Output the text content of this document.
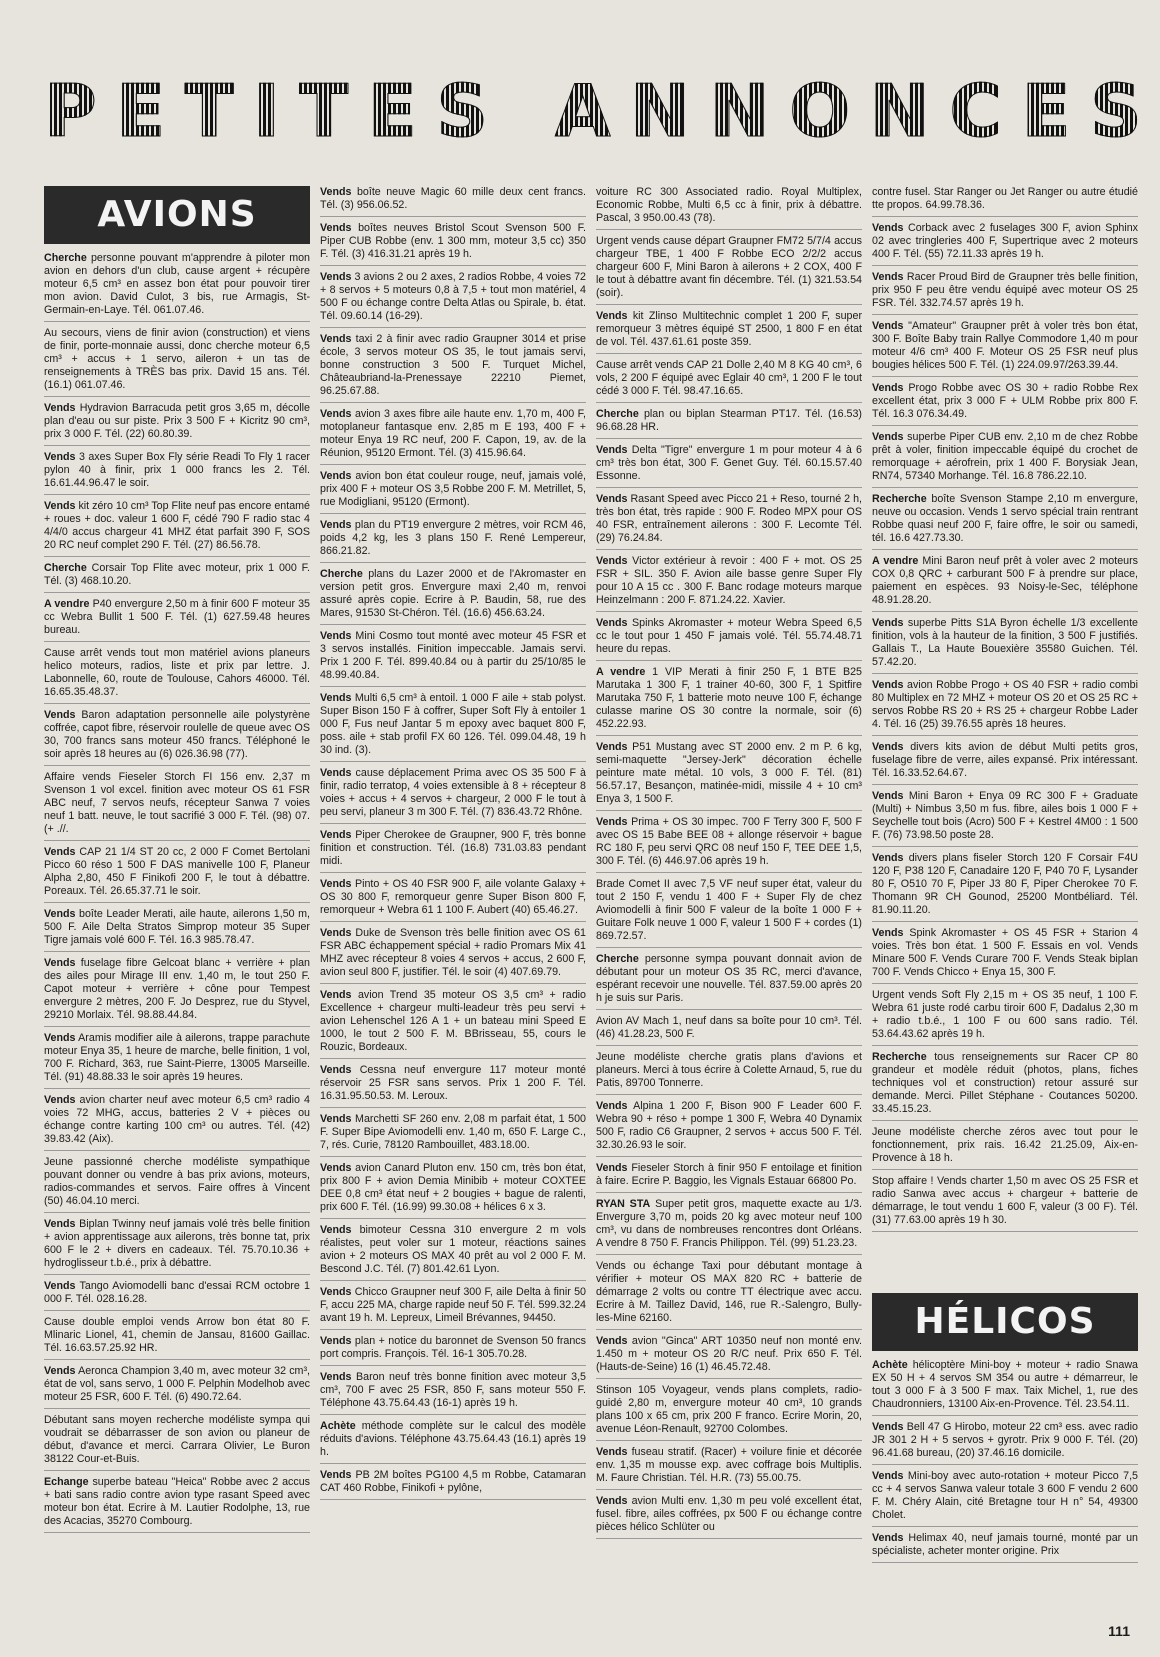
P E T I T E S A N N O N C E S
AVIONS
Cherche personne pouvant m'apprendre à piloter mon avion en dehors d'un club, cause argent + récupère moteur 6,5 cm³ en assez bon état pour pouvoir tirer mon avion. David Culot, 3 bis, rue Armagis, St-Germain-en-Laye. Tél. 061.07.46.
Au secours, viens de finir avion (construction) et viens de finir, porte-monnaie aussi, donc cherche moteur 6,5 cm³ + accus + 1 servo, aileron + un tas de renseignements à TRÈS bas prix. David 15 ans. Tél. (16.1) 061.07.46.
Vends Hydravion Barracuda petit gros 3,65 m, décolle plan d'eau ou sur piste. Prix 3 500 F + Kicritz 90 cm³, prix 3 000 F. Tél. (22) 60.80.39.
Vends 3 axes Super Box Fly série Readi To Fly 1 racer pylon 40 à finir, prix 1 000 francs les 2. Tél. 16.61.44.96.47 le soir.
Vends kit zéro 10 cm³ Top Flite neuf pas encore entamé + roues + doc. valeur 1 600 F, cédé 790 F radio stac 4 4/4/0 accus chargeur 41 MHZ état parfait 390 F, SOS 20 RC neuf complet 290 F. Tél. (27) 86.56.78.
Cherche Corsair Top Flite avec moteur, prix 1 000 F. Tél. (3) 468.10.20.
A vendre P40 envergure 2,50 m à finir 600 F moteur 35 cc Webra Bullit 1 500 F. Tél. (1) 627.59.48 heures bureau.
Cause arrêt vends tout mon matériel avions planeurs helico moteurs, radios, liste et prix par lettre. J. Labonnelle, 60, route de Toulouse, Cahors 46000. Tél. 16.65.35.48.37.
Vends Baron adaptation personnelle aile polystyrène coffrée, capot fibre, réservoir roulelle de queue avec OS 30, 700 francs sans moteur 450 francs. Téléphoné le soir après 18 heures au (6) 026.36.98 (77).
Affaire vends Fieseler Storch FI 156 env. 2,37 m Svenson 1 vol excel. finition avec moteur OS 61 FSR ABC neuf, 7 servos neufs, récepteur Sanwa 7 voies neuf 1 batt. neuve, le tout sacrifié 3 000 F. Tél. (98) 07.(+ .//.
Vends CAP 21 1/4 ST 20 cc, 2 000 F Comet Bertolani Picco 60 réso 1 500 F DAS manivelle 100 F, Planeur Alpha 2,80, 450 F Finikofi 200 F, le tout à débattre. Poreaux. Tél. 26.65.37.71 le soir.
Vends boîte Leader Merati, aile haute, ailerons 1,50 m, 500 F. Aile Delta Stratos Simprop moteur 35 Super Tigre jamais volé 600 F. Tél. 16.3 985.78.47.
Vends fuselage fibre Gelcoat blanc + verrière + plan des ailes pour Mirage III env. 1,40 m, le tout 250 F. Capot moteur + verrière + cône pour Tempest envergure 2 mètres, 200 F. Jo Desprez, rue du Styvel, 29210 Morlaix. Tél. 98.88.44.84.
Vends Aramis modifier aile à ailerons, trappe parachute moteur Enya 35, 1 heure de marche, belle finition, 1 vol, 700 F. Richard, 363, rue Saint-Pierre, 13005 Marseille. Tél. (91) 48.88.33 le soir après 19 heures.
Vends avion charter neuf avec moteur 6,5 cm³ radio 4 voies 72 MHG, accus, batteries 2 V + pièces ou échange contre karting 100 cm³ ou autres. Tél. (42) 39.83.42 (Aix).
Jeune passionné cherche modéliste sympathique pouvant donner ou vendre à bas prix avions, moteurs, radios-commandes et servos. Faire offres à Vincent (50) 46.04.10 merci.
Vends Biplan Twinny neuf jamais volé très belle finition + avion apprentissage aux ailerons, très bonne tat, prix 600 F le 2 + divers en cadeaux. Tél. 75.70.10.36 + hydroglisseur t.b.é., prix à débattre.
Vends Tango Aviomodelli banc d'essai RCM octobre 1 000 F. Tél. 028.16.28.
Cause double emploi vends Arrow bon état 80 F. Mlinaric Lionel, 41, chemin de Jansau, 81600 Gaillac. Tél. 16.63.57.25.92 HR.
Vends Aeronca Champion 3,40 m, avec moteur 32 cm³, état de vol, sans servo, 1 000 F. Pelphin Modelhob avec moteur 25 FSR, 600 F. Tél. (6) 490.72.64.
Débutant sans moyen recherche modéliste sympa qui voudrait se débarrasser de son avion ou planeur de début, d'avance et merci. Carrara Olivier, Le Buron 38122 Cour-et-Buis.
Echange superbe bateau "Heica" Robbe avec 2 accus + bati sans radio contre avion type rasant Speed avec moteur bon état. Ecrire à M. Lautier Rodolphe, 13, rue des Acacias, 35270 Combourg.
Vends boîte neuve Magic 60 mille deux cent francs. Tél. (3) 956.06.52.
Vends boîtes neuves Bristol Scout Svenson 500 F. Piper CUB Robbe (env. 1 300 mm, moteur 3,5 cc) 350 F. Tél. (3) 416.31.21 après 19 h.
Vends 3 avions 2 ou 2 axes, 2 radios Robbe, 4 voies 72 + 8 servos + 5 moteurs 0,8 à 7,5 + tout mon matériel, 4 500 F ou échange contre Delta Atlas ou Spirale, b. état. Tél. 09.60.14 (16-29).
Vends taxi 2 à finir avec radio Graupner 3014 et prise école, 3 servos moteur OS 35, le tout jamais servi, bonne construction 3 500 F. Turquet Michel, Châteaubriand-la-Prenessaye 22210 Piemet, 96.25.67.88.
Vends avion 3 axes fibre aile haute env. 1,70 m, 400 F, motoplaneur fantasque env. 2,85 m E 193, 400 F + moteur Enya 19 RC neuf, 200 F. Capon, 19, av. de la Réunion, 95120 Ermont. Tél. (3) 415.96.64.
Vends avion bon état couleur rouge, neuf, jamais volé, prix 400 F + moteur OS 3,5 Robbe 200 F. M. Metrillet, 5, rue Modigliani, 95120 (Ermont).
Vends plan du PT19 envergure 2 mètres, voir RCM 46, poids 4,2 kg, les 3 plans 150 F. René Lempereur, 866.21.82.
Cherche plans du Lazer 2000 et de l'Akromaster en version petit gros. Envergure maxi 2,40 m, renvoi assuré après copie. Ecrire à P. Baudin, 58, rue des Mares, 91530 St-Chéron. Tél. (16.6) 456.63.24.
Vends Mini Cosmo tout monté avec moteur 45 FSR et 3 servos installés. Finition impeccable. Jamais servi. Prix 1 200 F. Tél. 899.40.84 ou à partir du 25/10/85 le 48.99.40.84.
Vends Multi 6,5 cm³ à entoil. 1 000 F aile + stab polyst. Super Bison 150 F à coffrer, Super Soft Fly à entoiler 1 000 F, Fus neuf Jantar 5 m epoxy avec baquet 800 F, poss. aile + stab profil FX 60 126. Tél. 099.04.48, 19 h 30 ind. (3).
Vends cause déplacement Prima avec OS 35 500 F à finir, radio terratop, 4 voies extensible à 8 + récepteur 8 voies + accus + 4 servos + chargeur, 2 000 F le tout à peu servi, planeur 3 m 300 F. Tél. (7) 836.43.72 Rhône.
Vends Piper Cherokee de Graupner, 900 F, très bonne finition et construction. Tél. (16.8) 731.03.83 pendant midi.
Vends Pinto + OS 40 FSR 900 F, aile volante Galaxy + OS 30 800 F, remorqueur genre Super Bison 800 F, remorqueur + Webra 61 1 100 F. Aubert (40) 65.46.27.
Vends Duke de Svenson très belle finition avec OS 61 FSR ABC échappement spécial + radio Promars Mix 41 MHZ avec récepteur 8 voies 4 servos + accus, 2 600 F, avion seul 800 F, justifier. Tél. le soir (4) 407.69.79.
Vends avion Trend 35 moteur OS 3,5 cm³ + radio Excellence + chargeur multi-leadeur très peu servi + avion Lehenschel 126 A 1 + un bateau mini Speed E 1000, le tout 2 500 F. M. BBrisseau, 55, cours le Rouzic, Bordeaux.
Vends Cessna neuf envergure 117 moteur monté réservoir 25 FSR sans servos. Prix 1 200 F. Tél. 16.31.95.50.53. M. Leroux.
Vends Marchetti SF 260 env. 2,08 m parfait état, 1 500 F. Super Bipe Aviomodelli env. 1,40 m, 650 F. Large C., 7, rés. Curie, 78120 Rambouillet, 483.18.00.
Vends avion Canard Pluton env. 150 cm, très bon état, prix 800 F + avion Demia Minibib + moteur COXTEE DEE 0,8 cm³ état neuf + 2 bougies + bague de ralenti, prix 600 F. Tél. (16.99) 99.30.08 + hélices 6 x 3.
Vends bimoteur Cessna 310 envergure 2 m vols réalistes, peut voler sur 1 moteur, réactions saines avion + 2 moteurs OS MAX 40 prêt au vol 2 000 F. M. Bescond J.C. Tél. (7) 801.42.61 Lyon.
Vends Chicco Graupner neuf 300 F, aile Delta à finir 50 F, accu 225 MA, charge rapide neuf 50 F. Tél. 599.32.24 avant 19 h. M. Lepreux, Limeil Brévannes, 94450.
Vends plan + notice du baronnet de Svenson 50 francs port compris. François. Tél. 16-1 305.70.28.
Vends Baron neuf très bonne finition avec moteur 3,5 cm³, 700 F avec 25 FSR, 850 F, sans moteur 550 F. Téléphone 43.75.64.43 (16-1) après 19 h.
Achète méthode complète sur le calcul des modèle réduits d'avions. Téléphone 43.75.64.43 (16.1) après 19 h.
Vends PB 2M boîtes PG100 4,5 m Robbe, Catamaran CAT 460 Robbe, Finikofi + pylône,
voiture RC 300 Associated radio. Royal Multiplex, Economic Robbe, Multi 6,5 cc à finir, prix à débattre. Pascal, 3 950.00.43 (78).
Urgent vends cause départ Graupner FM72 5/7/4 accus chargeur TBE, 1 400 F Robbe ECO 2/2/2 accus chargeur 600 F, Mini Baron à ailerons + 2 COX, 400 F le tout à débattre avant fin décembre. Tél. (1) 321.53.54 (soir).
Vends kit Zlinso Multitechnic complet 1 200 F, super remorqueur 3 mètres équipé ST 2500, 1 800 F en état de vol. Tél. 437.61.61 poste 359.
Cause arrêt vends CAP 21 Dolle 2,40 M 8 KG 40 cm³, 6 vols, 2 200 F équipé avec Eglair 40 cm³, 1 200 F le tout cédé 3 000 F. Tél. 98.47.16.65.
Cherche plan ou biplan Stearman PT17. Tél. (16.53) 96.68.28 HR.
Vends Delta "Tigre" envergure 1 m pour moteur 4 à 6 cm³ très bon état, 300 F. Genet Guy. Tél. 60.15.57.40 Essonne.
Vends Rasant Speed avec Picco 21 + Reso, tourné 2 h, très bon état, très rapide : 900 F. Rodeo MPX pour OS 40 FSR, entraînement ailerons : 300 F. Lecomte Tél. (29) 76.24.84.
Vends Victor extérieur à revoir : 400 F + mot. OS 25 FSR + SIL. 350 F. Avion aile basse genre Super Fly pour 10 A 15 cc . 300 F. Banc rodage moteurs marque Heinzelmann : 200 F. 871.24.22. Xavier.
Vends Spinks Akromaster + moteur Webra Speed 6,5 cc le tout pour 1 450 F jamais volé. Tél. 55.74.48.71 heure du repas.
A vendre 1 VIP Merati à finir 250 F, 1 BTE B25 Marutaka 1 300 F, 1 trainer 40-60, 300 F, 1 Spitfire Marutaka 750 F, 1 batterie moto neuve 100 F, échange culasse marine OS 30 contre la normale, soir (6) 452.22.93.
Vends P51 Mustang avec ST 2000 env. 2 m P. 6 kg, semi-maquette "Jersey-Jerk" décoration échelle peinture mate métal. 10 vols, 3 000 F. Tél. (81) 56.57.17, Besançon, matinée-midi, missile 4 + 10 cm³ Enya 3, 1 500 F.
Vends Prima + OS 30 impec. 700 F Terry 300 F, 500 F avec OS 15 Babe BEE 08 + allonge réservoir + bague RC 180 F, peu servi QRC 08 neuf 150 F, TEE DEE 1,5, 300 F. Tél. (6) 446.97.06 après 19 h.
Brade Comet II avec 7,5 VF neuf super état, valeur du tout 2 150 F, vendu 1 400 F + Super Fly de chez Aviomodelli à finir 500 F valeur de la boîte 1 000 F + Guitare Folk neuve 1 000 F, valeur 1 500 F + cordes (1) 869.72.57.
Cherche personne sympa pouvant donnait avion de débutant pour un moteur OS 35 RC, merci d'avance, espérant recevoir une nouvelle. Tél. 837.59.00 après 20 h je suis sur Paris.
Avion AV Mach 1, neuf dans sa boîte pour 10 cm³. Tél. (46) 41.28.23, 500 F.
Jeune modéliste cherche gratis plans d'avions et planeurs. Merci à tous écrire à Colette Arnaud, 5, rue du Patis, 89700 Tonnerre.
Vends Alpina 1 200 F, Bison 900 F Leader 600 F. Webra 90 + réso + pompe 1 300 F, Webra 40 Dynamix 500 F, radio C6 Graupner, 2 servos + accus 500 F. Tél. 32.30.26.93 le soir.
Vends Fieseler Storch à finir 950 F entoilage et finition à faire. Ecrire P. Baggio, les Vignals Estauar 66800 Po.
RYAN STA Super petit gros, maquette exacte au 1/3. Envergure 3,70 m, poids 20 kg avec moteur neuf 100 cm³, vu dans de nombreuses rencontres dont Orléans. A vendre 8 750 F. Francis Philippon. Tél. (99) 51.23.23.
Vends ou échange Taxi pour débutant montage à vérifier + moteur OS MAX 820 RC + batterie de démarrage 2 volts ou contre TT électrique avec accu. Ecrire à M. Taillez David, 146, rue R.-Salengro, Bully-les-Mine 62160.
Vends avion "Ginca" ART 10350 neuf non monté env. 1.450 m + moteur OS 20 R/C neuf. Prix 650 F. Tél. (Hauts-de-Seine) 16 (1) 46.45.72.48.
Stinson 105 Voyageur, vends plans complets, radio-guidé 2,80 m, envergure moteur 40 cm³, 10 grands plans 100 x 65 cm, prix 200 F franco. Ecrire Morin, 20, avenue Léon-Renault, 92700 Colombes.
Vends fuseau stratif. (Racer) + voilure finie et décorée env. 1,35 m mousse exp. avec coffrage bois Multiplis. M. Faure Christian. Tél. H.R. (73) 55.00.75.
Vends avion Multi env. 1,30 m peu volé excellent état, fusel. fibre, ailes coffrées, px 500 F ou échange contre pièces hélico Schlüter ou
contre fusel. Star Ranger ou Jet Ranger ou autre étudié tte propos. 64.99.78.36.
Vends Corback avec 2 fuselages 300 F, avion Sphinx 02 avec tringleries 400 F, Supertrique avec 2 moteurs 400 F. Tél. (55) 72.11.33 après 19 h.
Vends Racer Proud Bird de Graupner très belle finition, prix 950 F peu être vendu équipé avec moteur OS 25 FSR. Tél. 332.74.57 après 19 h.
Vends "Amateur" Graupner prêt à voler très bon état, 300 F. Boîte Baby train Rallye Commodore 1,40 m pour moteur 4/6 cm³ 400 F. Moteur OS 25 FSR neuf plus bougies hélices 500 F. Tél. (1) 224.09.97/263.39.44.
Vends Progo Robbe avec OS 30 + radio Robbe Rex excellent état, prix 3 000 F + ULM Robbe prix 800 F. Tél. 16.3 076.34.49.
Vends superbe Piper CUB env. 2,10 m de chez Robbe prêt à voler, finition impeccable équipé du crochet de remorquage + aérofrein, prix 1 400 F. Borysiak Jean, RN74, 57340 Morhange. Tél. 16.8 786.22.10.
Recherche boîte Svenson Stampe 2,10 m envergure, neuve ou occasion. Vends 1 servo spécial train rentrant Robbe quasi neuf 200 F, faire offre, le soir ou samedi, tél. 16.6 427.73.30.
A vendre Mini Baron neuf prêt à voler avec 2 moteurs COX 0,8 QRC + carburant 500 F à prendre sur place, paiement en espèces. 93 Noisy-le-Sec, téléphone 48.91.28.20.
Vends superbe Pitts S1A Byron échelle 1/3 excellente finition, vols à la hauteur de la finition, 3 500 F justifiés. Gallais T., La Haute Bouexière 35580 Guichen. Tél. 57.42.20.
Vends avion Robbe Progo + OS 40 FSR + radio combi 80 Multiplex en 72 MHZ + moteur OS 20 et OS 25 RC + servos Robbe RS 20 + RS 25 + chargeur Robbe Lader 4. Tél. 16 (25) 39.76.55 après 18 heures.
Vends divers kits avion de début Multi petits gros, fuselage fibre de verre, ailes expansé. Prix intéressant. Tél. 16.33.52.64.67.
Vends Mini Baron + Enya 09 RC 300 F + Graduate (Multi) + Nimbus 3,50 m fus. fibre, ailes bois 1 000 F + Seychelle tout bois (Acro) 500 F + Kestrel 4M00 : 1 500 F. (76) 73.98.50 poste 28.
Vends divers plans fiseler Storch 120 F Corsair F4U 120 F, P38 120 F, Canadaire 120 F, P40 70 F, Lysander 80 F, O510 70 F, Piper J3 80 F, Piper Cherokee 70 F. Thomann 9R CH Gounod, 25200 Montbéliard. Tél. 81.90.11.20.
Vends Spink Akromaster + OS 45 FSR + Starion 4 voies. Très bon état. 1 500 F. Essais en vol. Vends Minare 500 F. Vends Curare 700 F. Vends Steak biplan 700 F. Vends Chicco + Enya 15, 300 F.
Urgent vends Soft Fly 2,15 m + OS 35 neuf, 1 100 F. Webra 61 juste rodé carbu tiroir 600 F, Dadalus 2,30 m + radio t.b.é., 1 100 F ou 600 sans radio. Tél. 53.64.43.62 après 19 h.
Recherche tous renseignements sur Racer CP 80 grandeur et modèle réduit (photos, plans, fiches techniques vol et construction) retour assuré sur demande. Merci. Pillet Stéphane - Coutances 50200. 33.45.15.23.
Jeune modéliste cherche zéros avec tout pour le fonctionnement, prix rais. 16.42 21.25.09, Aix-en-Provence à 18 h.
Stop affaire ! Vends charter 1,50 m avec OS 25 FSR et radio Sanwa avec accus + chargeur + batterie de démarrage, le tout vendu 1 600 F, valeur (3 00 F). Tél. (31) 77.63.00 après 19 h 30.
HÉLICOS
Achète hélicoptère Mini-boy + moteur + radio Snawa EX 50 H + 4 servos SM 354 ou autre + démarreur, le tout 3 000 F à 3 500 F max. Taix Michel, 1, rue des Chaudronniers, 13100 Aix-en-Provence. Tél. 23.54.11.
Vends Bell 47 G Hirobo, moteur 22 cm³ ess. avec radio JR 301 2 H + 5 servos + gyrotr. Prix 9 000 F. Tél. (20) 96.41.68 bureau, (20) 37.46.16 domicile.
Vends Mini-boy avec auto-rotation + moteur Picco 7,5 cc + 4 servos Sanwa valeur totale 3 600 F vendu 2 600 F. M. Chéry Alain, cité Bretagne tour H n° 54, 49300 Cholet.
Vends Helimax 40, neuf jamais tourné, monté par un spécialiste, acheter monter origine. Prix
111
